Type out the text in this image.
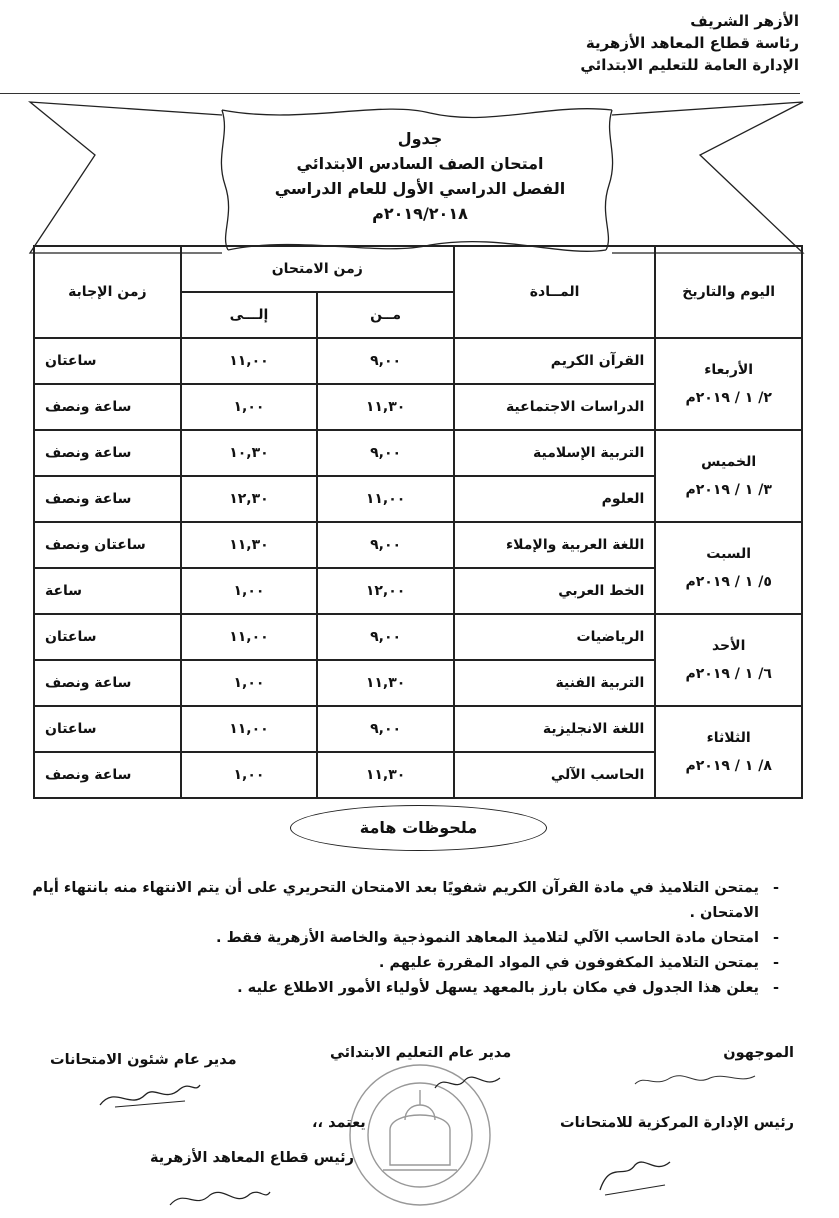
الأزهر الشريف
رئاسة قطاع المعاهد الأزهرية
الإدارة العامة للتعليم الابتدائي
جدول
امتحان الصف السادس الابتدائي
الفصل الدراسي الأول للعام الدراسي
٢٠١٩/٢٠١٨م
اليوم والتاريخ	المــادة	زمن الامتحان		زمن الإجابة
		مــن	إلـــى	

الأربعاء
٢/ ١ / ٢٠١٩م	القرآن الكريم	٩,٠٠	١١,٠٠	ساعتان
	الدراسات الاجتماعية	١١,٣٠	١,٠٠	ساعة ونصف

الخميس
٣/ ١ / ٢٠١٩م	التربية الإسلامية	٩,٠٠	١٠,٣٠	ساعة ونصف
	العلوم	١١,٠٠	١٢,٣٠	ساعة ونصف

السبت
٥/ ١ / ٢٠١٩م	اللغة العربية والإملاء	٩,٠٠	١١,٣٠	ساعتان ونصف
	الخط العربي	١٢,٠٠	١,٠٠	ساعة

الأحد
٦/ ١ / ٢٠١٩م	الرياضيات	٩,٠٠	١١,٠٠	ساعتان
	التربية الفنية	١١,٣٠	١,٠٠	ساعة ونصف

الثلاثاء
٨/ ١ / ٢٠١٩م	اللغة الانجليزية	٩,٠٠	١١,٠٠	ساعتان
	الحاسب الآلي	١١,٣٠	١,٠٠	ساعة ونصف
ملحوظات هامة
- يمتحن التلاميذ في مادة القرآن الكريم شفويًا بعد الامتحان التحريري على أن يتم الانتهاء منه بانتهاء أيام الامتحان .
- امتحان مادة الحاسب الآلي لتلاميذ المعاهد النموذجية والخاصة الأزهرية فقط .
- يمتحن التلاميذ المكفوفون في المواد المقررة عليهم .
- يعلن هذا الجدول في مكان بارز بالمعهد يسهل لأولياء الأمور الاطلاع عليه .
الموجهون
مدير عام التعليم الابتدائي
مدير عام شئون الامتحانات
رئيس الإدارة المركزية للامتحانات
يعتمد ،،
رئيس قطاع المعاهد الأزهرية
